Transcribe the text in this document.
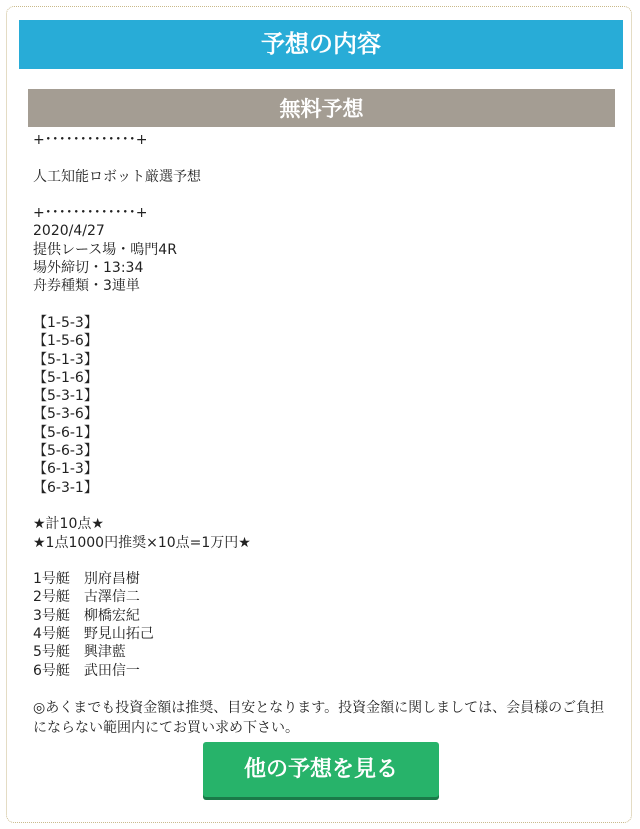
予想の内容
無料予想
+･････････････+
人工知能ロボット厳選予想
+･････････････+
2020/4/27
提供レース場・鳴門4R
場外締切・13:34
舟券種類・3連単
【1-5-3】
【1-5-6】
【5-1-3】
【5-1-6】
【5-3-1】
【5-3-6】
【5-6-1】
【5-6-3】
【6-1-3】
【6-3-1】
★計10点★
★1点1000円推奨×10点=1万円★
1号艇　別府昌樹
2号艇　古澤信二
3号艇　柳橋宏紀
4号艇　野見山拓己
5号艇　興津藍
6号艇　武田信一
◎あくまでも投資金額は推奨、目安となります。投資金額に関しましては、会員様のご負担にならない範囲内にてお買い求め下さい。
他の予想を見る
